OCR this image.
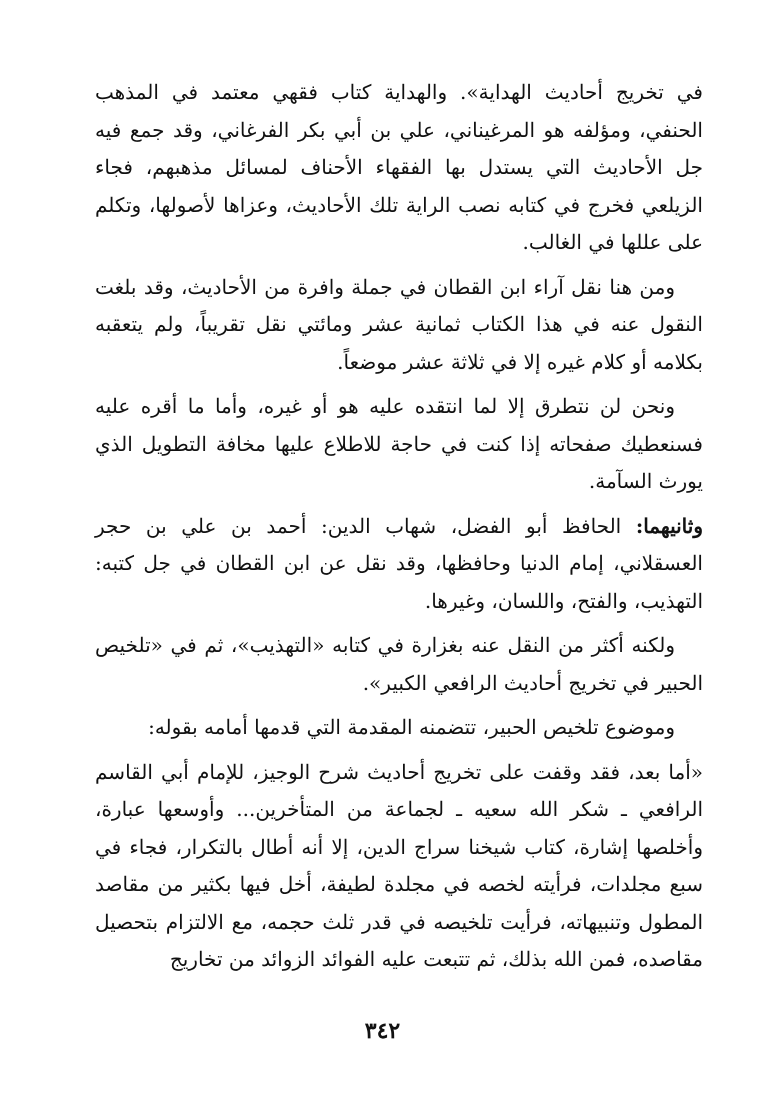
في تخريج أحاديث الهداية». والهداية كتاب فقهي معتمد في المذهب الحنفي، ومؤلفه هو المرغيناني، علي بن أبي بكر الفرغاني، وقد جمع فيه جل الأحاديث التي يستدل بها الفقهاء الأحناف لمسائل مذهبهم، فجاء الزيلعي فخرج في كتابه نصب الراية تلك الأحاديث، وعزاها لأصولها، وتكلم على عللها في الغالب.

ومن هنا نقل آراء ابن القطان في جملة وافرة من الأحاديث، وقد بلغت النقول عنه في هذا الكتاب ثمانية عشر ومائتي نقل تقريباً، ولم يتعقبه بكلامه أو كلام غيره إلا في ثلاثة عشر موضعاً.

ونحن لن نتطرق إلا لما انتقده عليه هو أو غيره، وأما ما أقره عليه فسنعطيك صفحاته إذا كنت في حاجة للاطلاع عليها مخافة التطويل الذي يورث السآمة.

وثانيهما: الحافظ أبو الفضل، شهاب الدين: أحمد بن علي بن حجر العسقلاني، إمام الدنيا وحافظها، وقد نقل عن ابن القطان في جل كتبه: التهذيب، والفتح، واللسان، وغيرها.

ولكنه أكثر من النقل عنه بغزارة في كتابه «التهذيب»، ثم في «تلخيص الحبير في تخريج أحاديث الرافعي الكبير».

وموضوع تلخيص الحبير، تتضمنه المقدمة التي قدمها أمامه بقوله:

«أما بعد، فقد وقفت على تخريج أحاديث شرح الوجيز، للإمام أبي القاسم الرافعي ـ شكر الله سعيه ـ لجماعة من المتأخرين... وأوسعها عبارة، وأخلصها إشارة، كتاب شيخنا سراج الدين، إلا أنه أطال بالتكرار، فجاء في سبع مجلدات، فرأيته لخصه في مجلدة لطيفة، أخل فيها بكثير من مقاصد المطول وتنبيهاته، فرأيت تلخيصه في قدر ثلث حجمه، مع الالتزام بتحصيل مقاصده، فمن الله بذلك، ثم تتبعت عليه الفوائد الزوائد من تخاريج

٣٤٢
